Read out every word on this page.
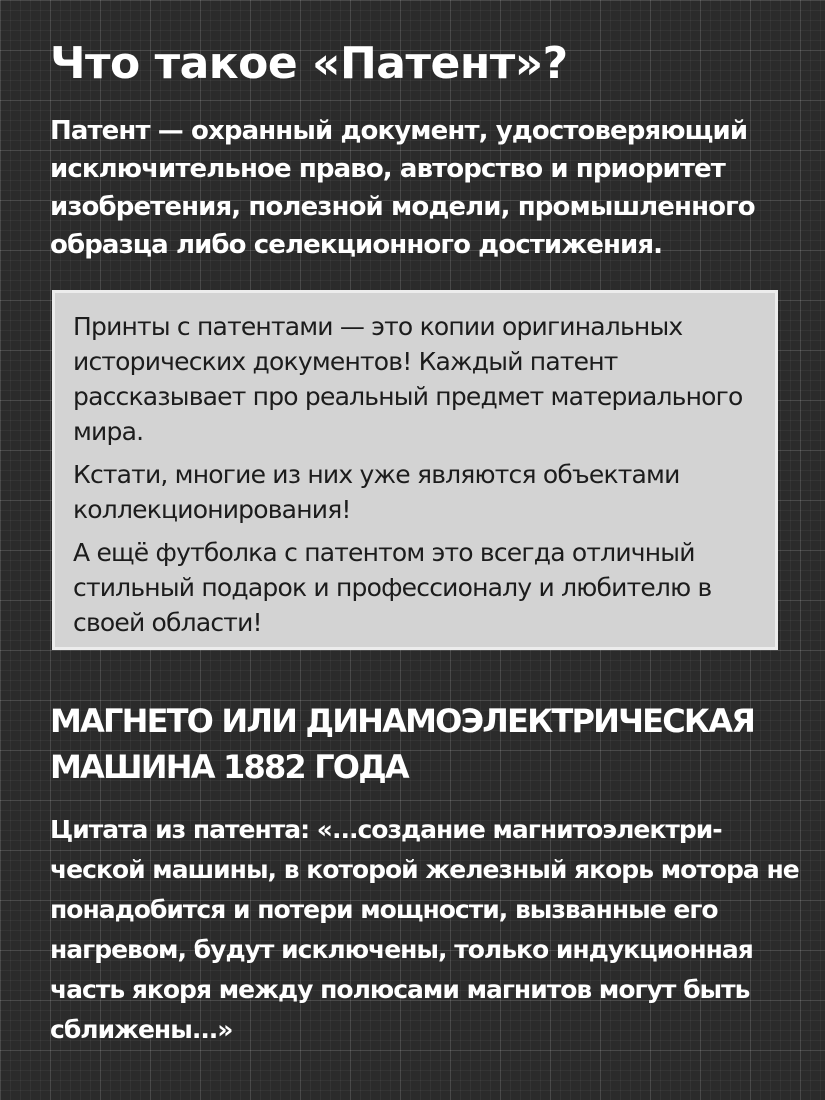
Что такое «Патент»?

Патент — охранный документ, удостоверяющий исключительное право, авторство и приоритет изобретения, полезной модели, промышленного образца либо селекционного достижения.

Принты с патентами — это копии оригинальных исторических документов! Каждый патент рассказывает про реальный предмет материального мира.

Кстати, многие из них уже являются объектами коллекционирования!

А ещё футболка с патентом это всегда отличный стильный подарок и профессионалу и любителю в своей области!

МАГНЕТО ИЛИ ДИНАМОЭЛЕКТРИЧЕСКАЯ МАШИНА 1882 ГОДА

Цитата из патента: «...создание магнитоэлектри-ческой машины, в которой железный якорь мотора не понадобится и потери мощности, вызванные его нагревом, будут исключены, только индукционная часть якоря между полюсами магнитов могут быть сближены...»
